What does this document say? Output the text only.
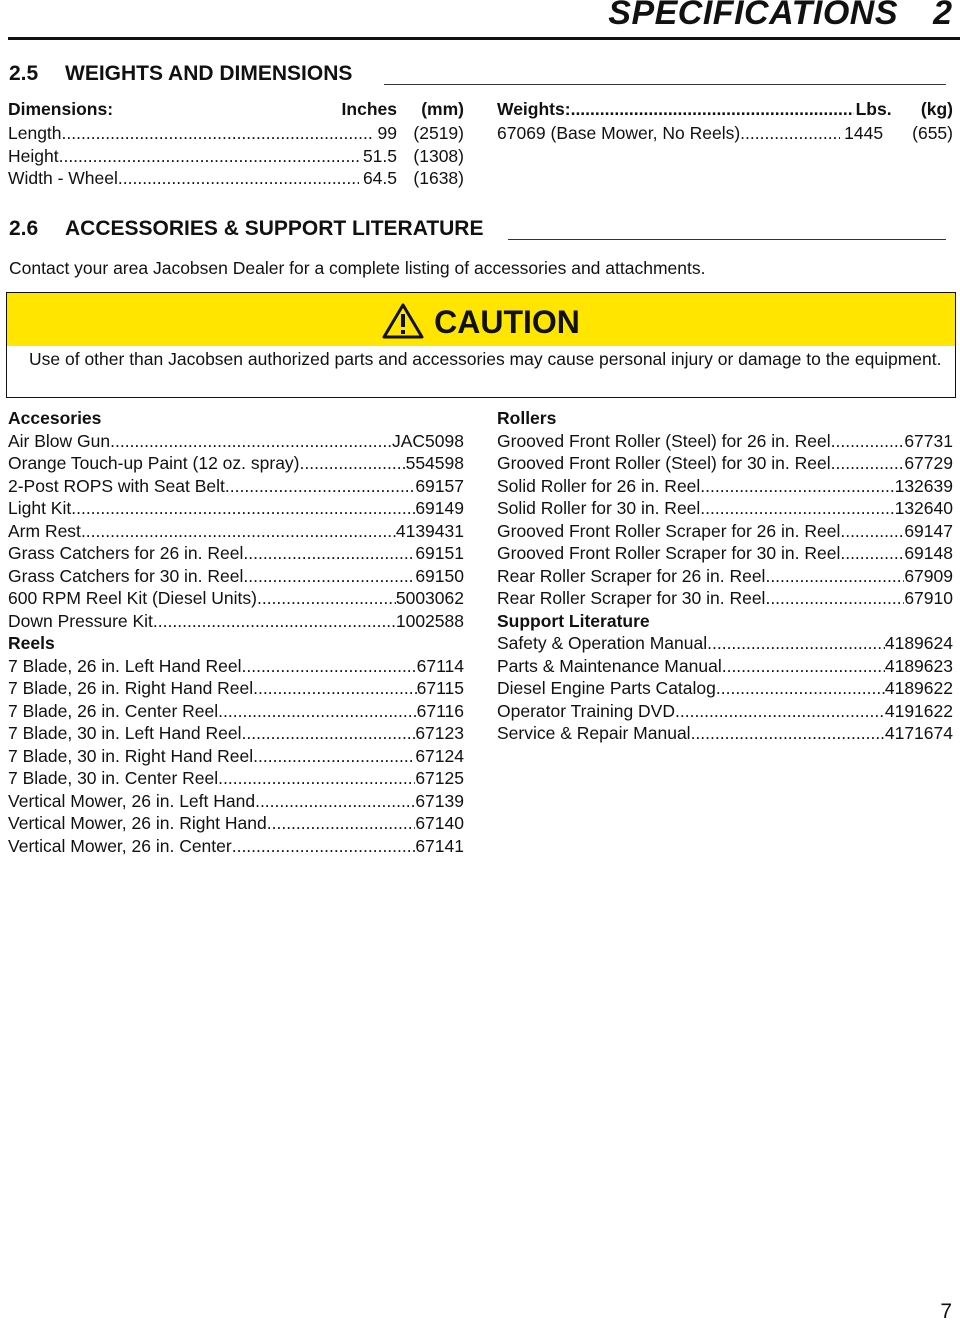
SPECIFICATIONS 2
2.5 WEIGHTS AND DIMENSIONS
Dimensions:	Inches	(mm)
Length .....	99 (2519)
Height .....	51.5 (1308)
Width - Wheel .....	64.5 (1638)
Weights: .....	Lbs.	(kg)
67069 (Base Mower, No Reels) .....	1445	(655)
2.6 ACCESSORIES & SUPPORT LITERATURE
Contact your area Jacobsen Dealer for a complete listing of accessories and attachments.
CAUTION
Use of other than Jacobsen authorized parts and accessories may cause personal injury or damage to the equipment.
Accesories
Air Blow Gun .....	JAC5098
Orange Touch-up Paint (12 oz. spray) .....	554598
2-Post ROPS with Seat Belt .....	69157
Light Kit .....	69149
Arm Rest .....	4139431
Grass Catchers for 26 in. Reel .....	69151
Grass Catchers for 30 in. Reel .....	69150
600 RPM Reel Kit (Diesel Units) .....	5003062
Down Pressure Kit .....	1002588
Reels
7 Blade, 26 in. Left Hand Reel .....	67114
7 Blade, 26 in. Right Hand Reel .....	67115
7 Blade, 26 in. Center Reel .....	67116
7 Blade, 30 in. Left Hand Reel .....	67123
7 Blade, 30 in. Right Hand Reel .....	67124
7 Blade, 30 in. Center Reel .....	67125
Vertical Mower, 26 in. Left Hand .....	67139
Vertical Mower, 26 in. Right Hand .....	67140
Vertical Mower, 26 in. Center .....	67141
Rollers
Grooved Front Roller (Steel) for 26 in. Reel .....	67731
Grooved Front Roller (Steel) for 30 in. Reel .....	67729
Solid Roller for 26 in. Reel .....	132639
Solid Roller for 30 in. Reel .....	132640
Grooved Front Roller Scraper for 26 in. Reel .....	69147
Grooved Front Roller Scraper for 30 in. Reel .....	69148
Rear Roller Scraper for 26 in. Reel .....	67909
Rear Roller Scraper for 30 in. Reel .....	67910
Support Literature
Safety & Operation Manual .....	4189624
Parts & Maintenance Manual .....	4189623
Diesel Engine Parts Catalog .....	4189622
Operator Training DVD .....	4191622
Service & Repair Manual .....	4171674
7
